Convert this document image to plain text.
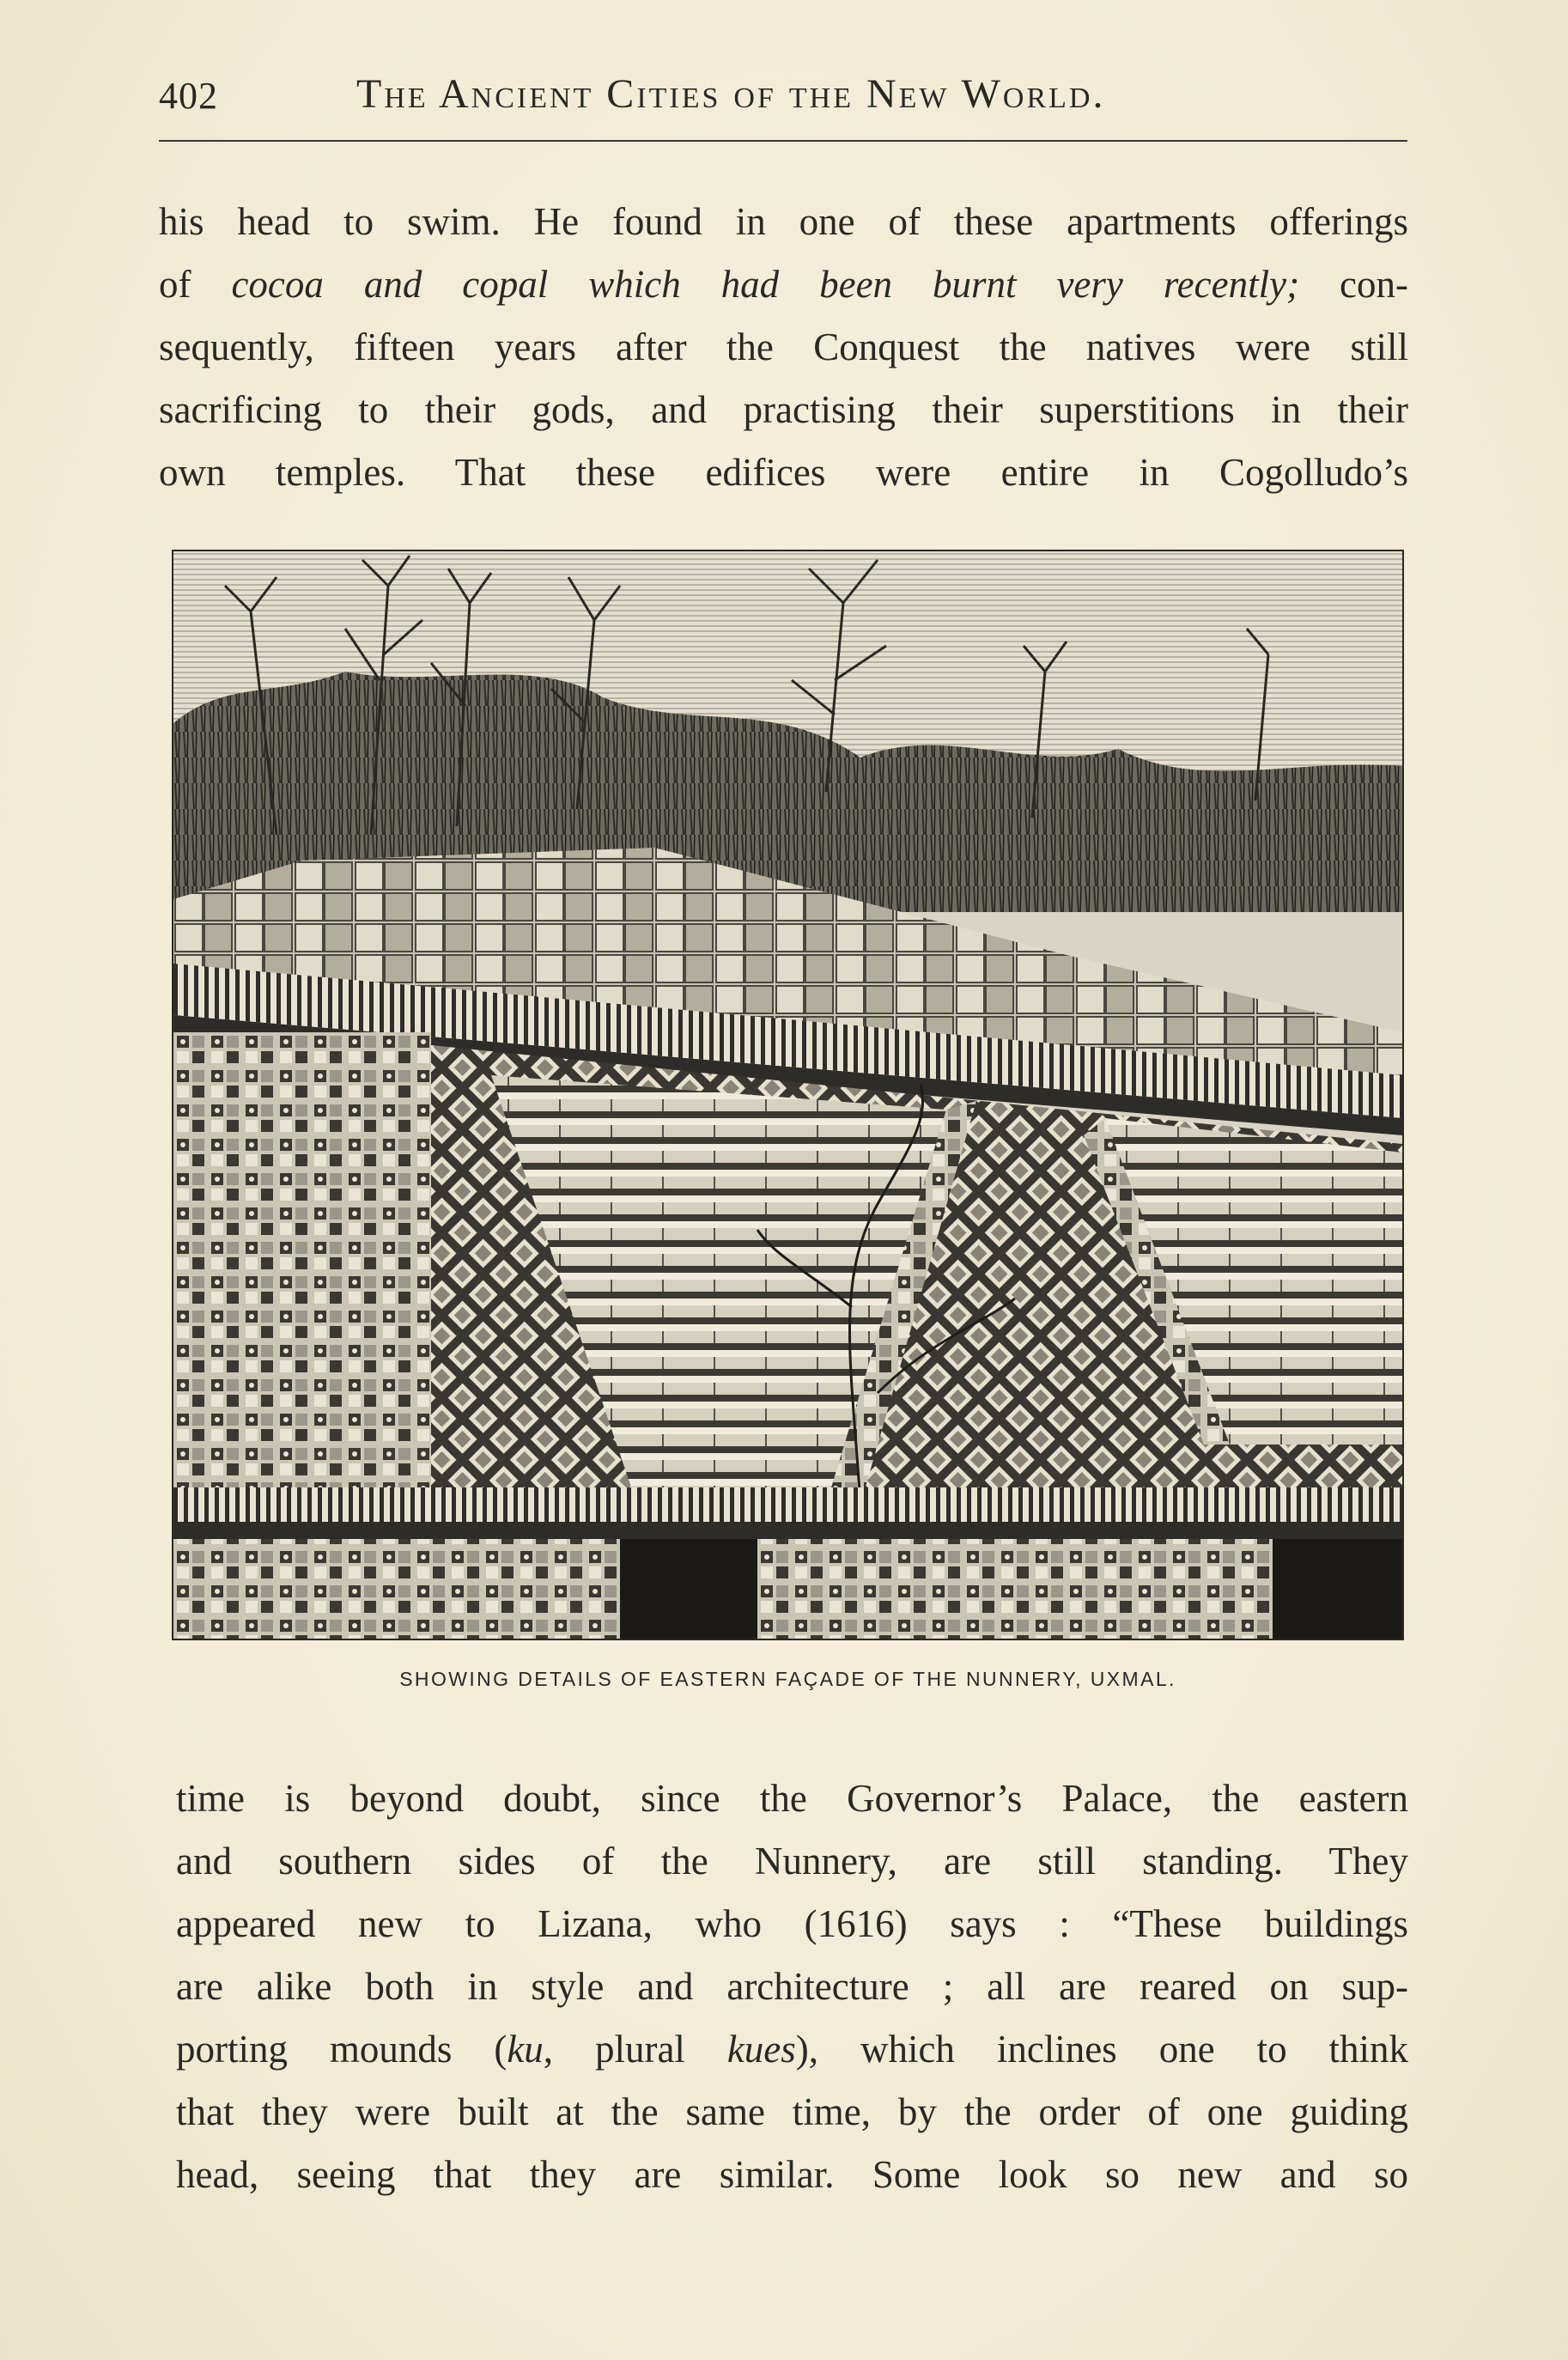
402	The Ancient Cities of the New World.
his head to swim. He found in one of these apartments offerings
of cocoa and copal which had been burnt very recently; con-
sequently, fifteen years after the Conquest the natives were still
sacrificing to their gods, and practising their superstitions in their
own temples. That these edifices were entire in Cogolludo’s
SHOWING DETAILS OF EASTERN FAÇADE OF THE NUNNERY, UXMAL.
time is beyond doubt, since the Governor’s Palace, the eastern
and southern sides of the Nunnery, are still standing. They
appeared new to Lizana, who (1616) says : “These buildings
are alike both in style and architecture ; all are reared on sup-
porting mounds (ku, plural kues), which inclines one to think
that they were built at the same time, by the order of one guiding
head, seeing that they are similar. Some look so new and so
